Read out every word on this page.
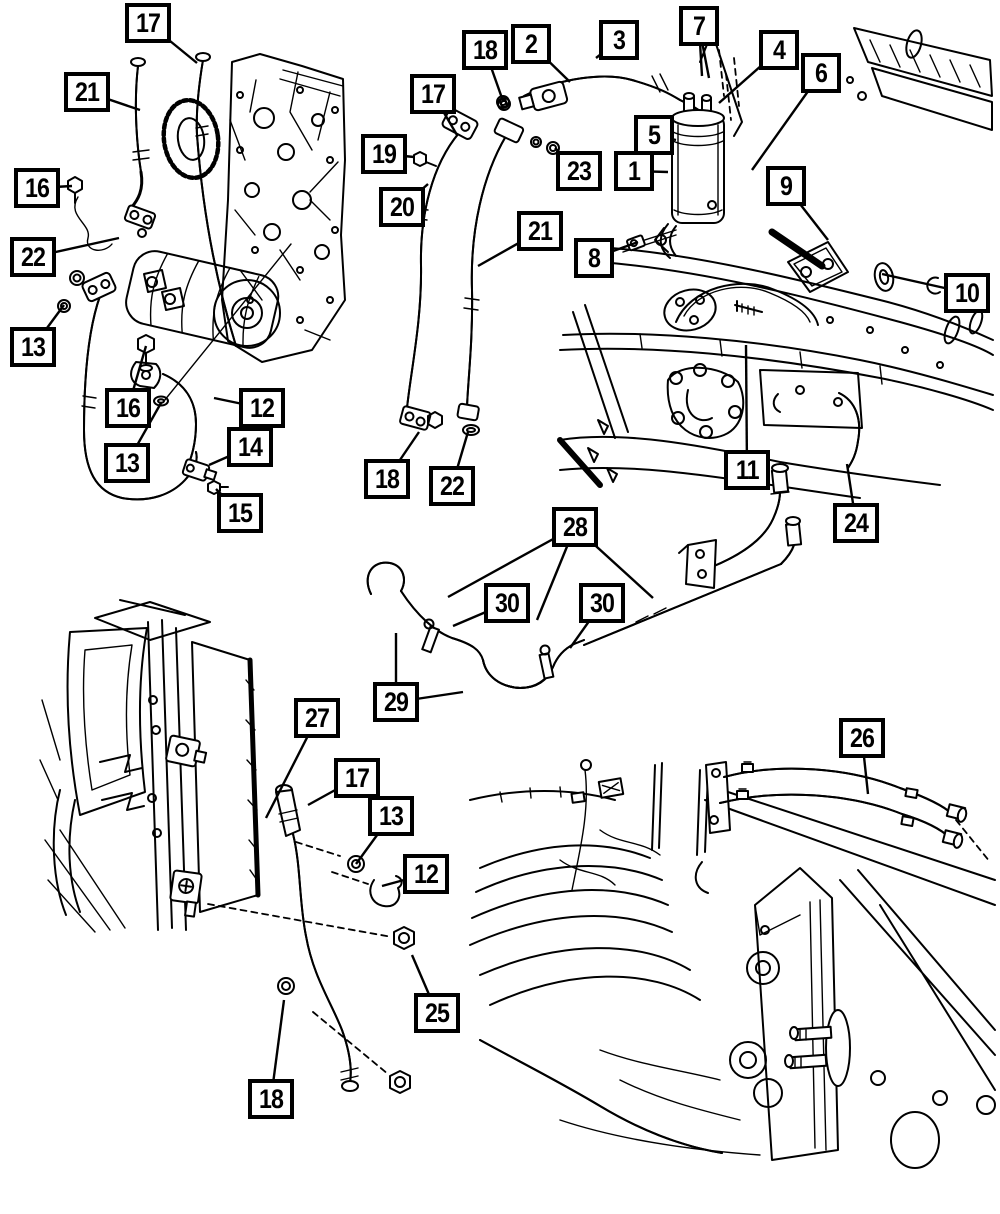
17
21
16
22
13
16
13
12
14
15
18 2	3
17
19
20
23 1
5
7
4
6
9
8
10
21
11
24
18 22
28
30	30
29
27
17
13
12
25
18
26
